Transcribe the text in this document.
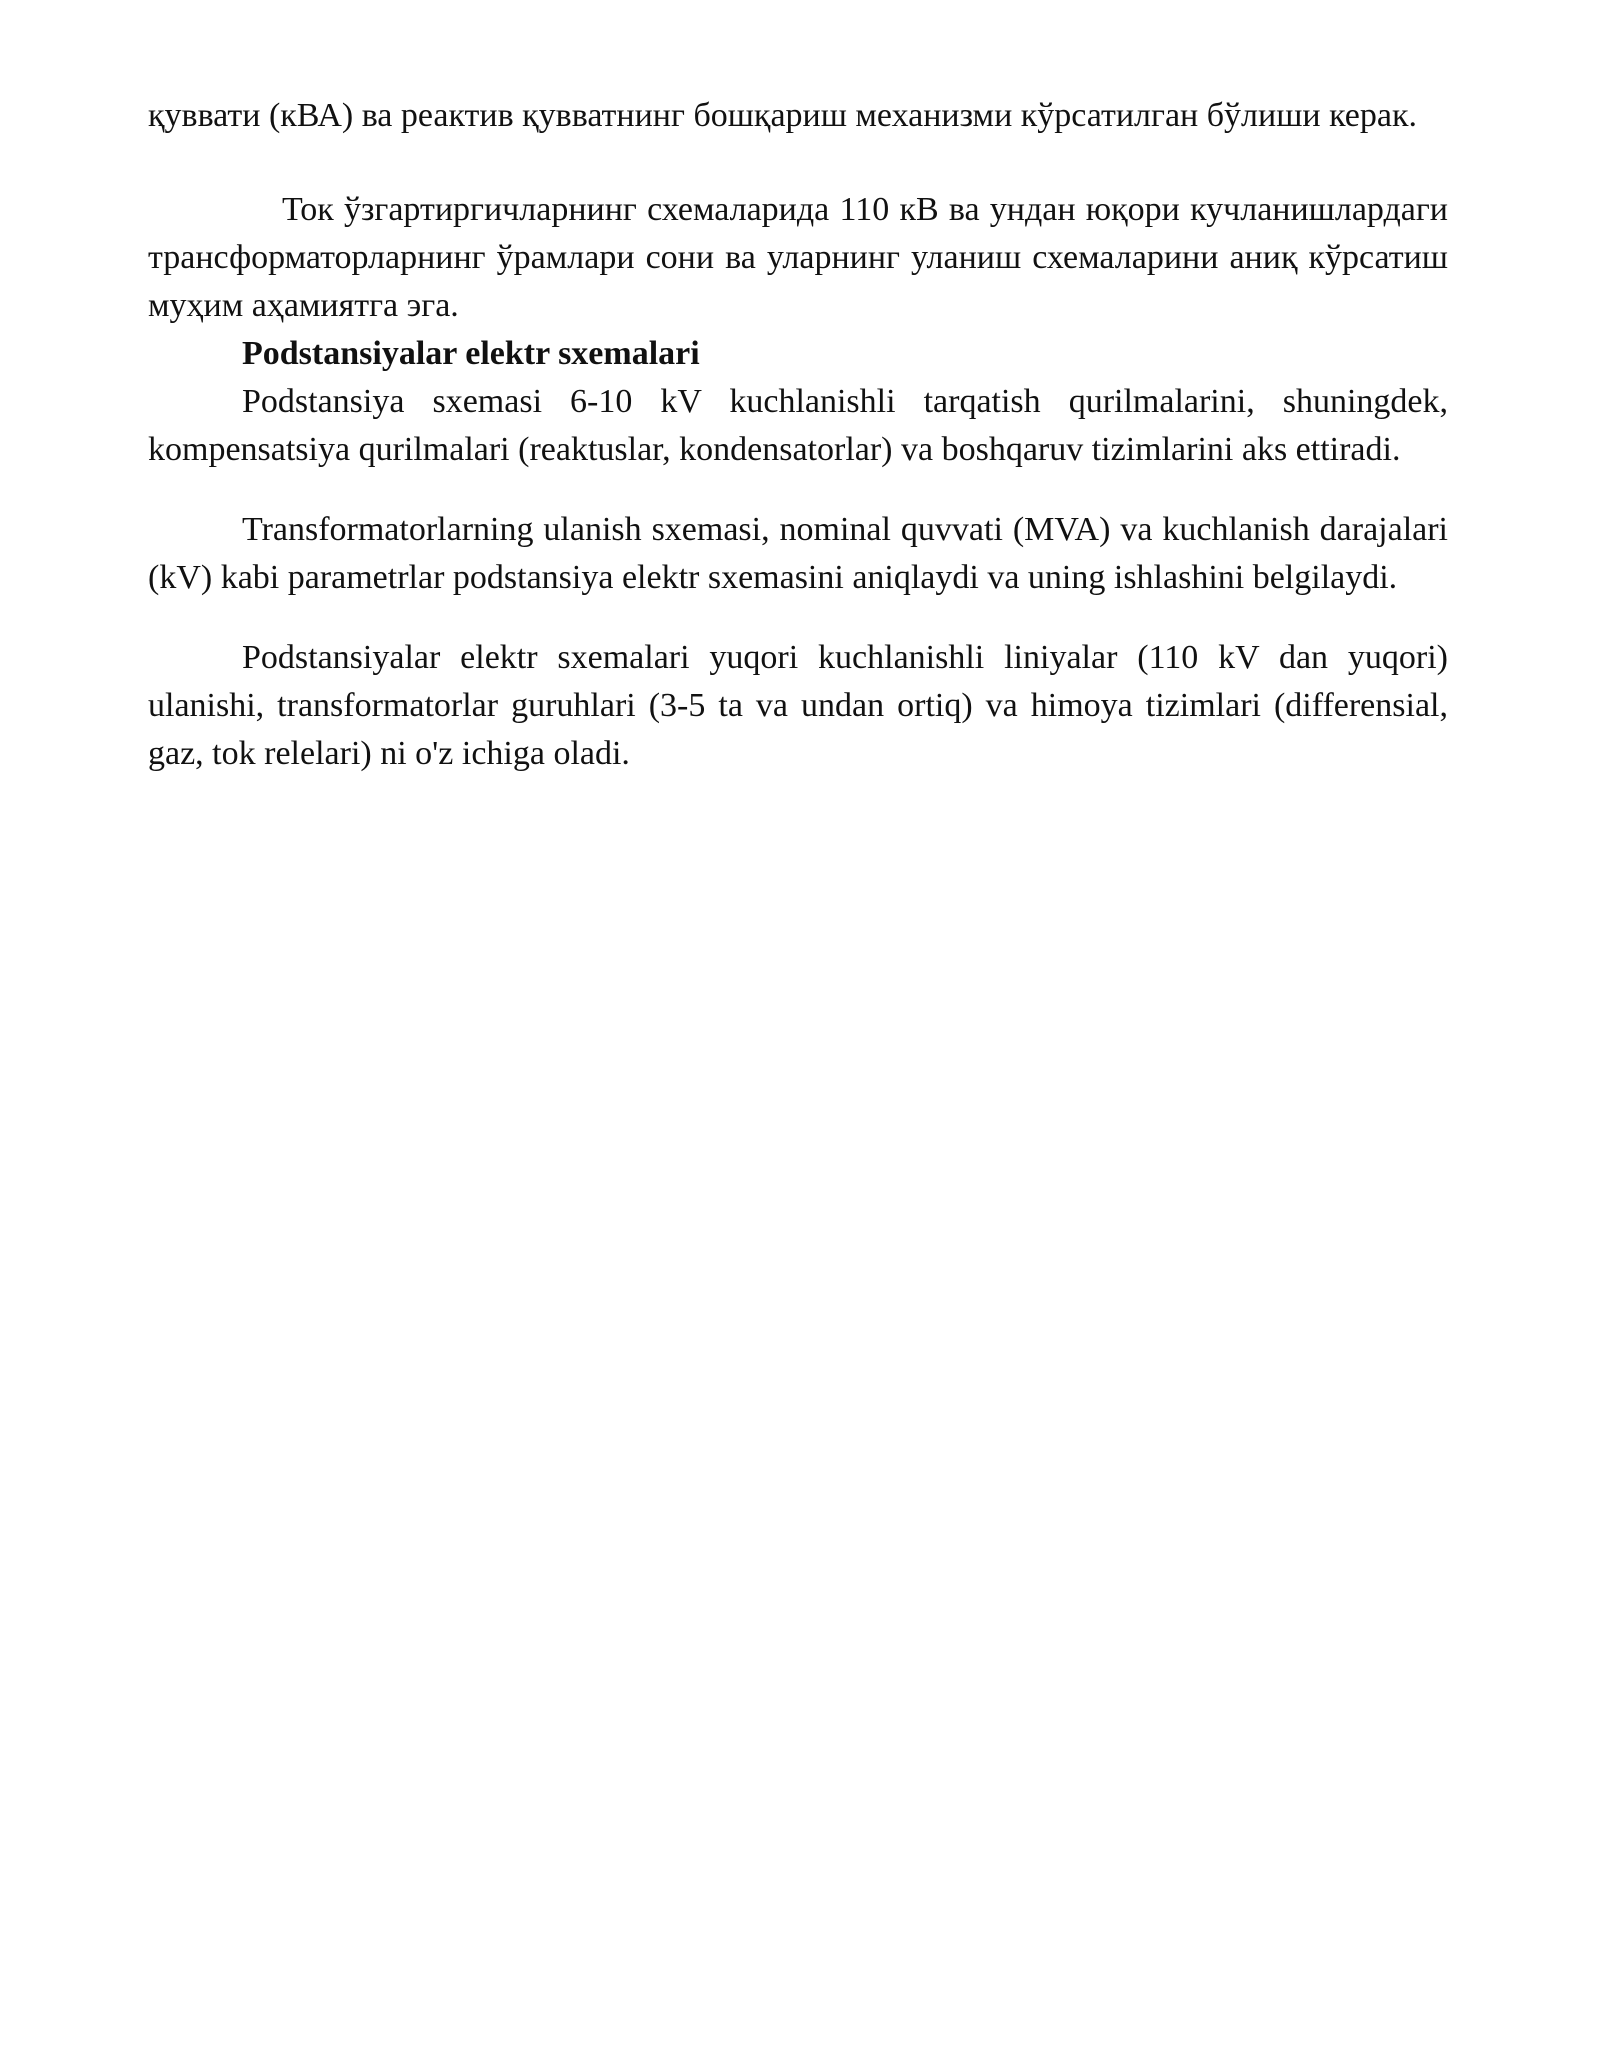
қуввати (кВА) ва реактив қувватнинг бошқариш механизми кўрсатилган бўлиши керак.

Ток ўзгартиргичларнинг схемаларида 110 кВ ва ундан юқори кучланишлардаги трансформаторларнинг ўрамлари сони ва уларнинг уланиш схемаларини аниқ кўрсатиш муҳим аҳамиятга эга.

Podstansiyalar elektr sxemalari

Podstansiya sxemasi 6-10 kV kuchlanishli tarqatish qurilmalarini, shuningdek, kompensatsiya qurilmalari (reaktuslar, kondensatorlar) va boshqaruv tizimlarini aks ettiradi.

Transformatorlarning ulanish sxemasi, nominal quvvati (MVA) va kuchlanish darajalari (kV) kabi parametrlar podstansiya elektr sxemasini aniqlaydi va uning ishlashini belgilaydi.

Podstansiyalar elektr sxemalari yuqori kuchlanishli liniyalar (110 kV dan yuqori) ulanishi, transformatorlar guruhlari (3-5 ta va undan ortiq) va himoya tizimlari (differensial, gaz, tok relelari) ni o'z ichiga oladi.
